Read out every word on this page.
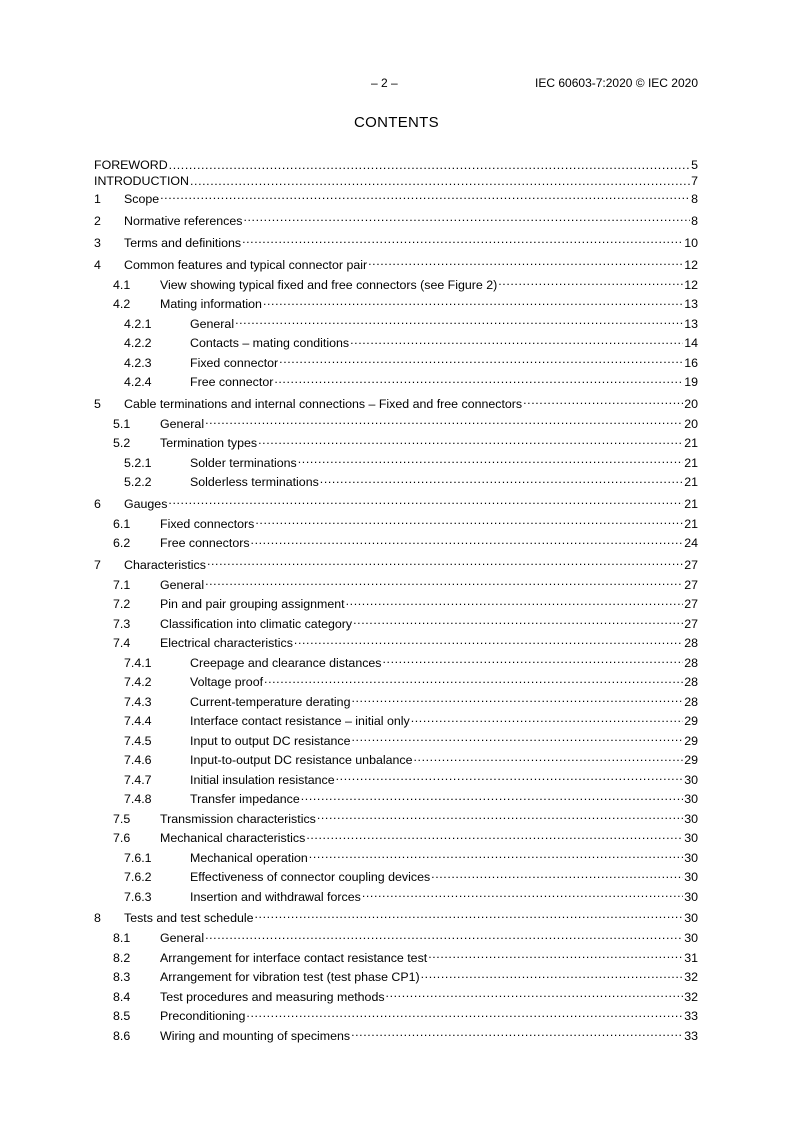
– 2 –	IEC 60603-7:2020 © IEC 2020
CONTENTS
FOREWORD .....	5
INTRODUCTION .....	7
1	Scope .....	8
2	Normative references .....	8
3	Terms and definitions .....	10
4	Common features and typical connector pair .....	12
4.1	View showing typical fixed and free connectors (see Figure 2) .....	12
4.2	Mating information .....	13
4.2.1	General .....	13
4.2.2	Contacts – mating conditions .....	14
4.2.3	Fixed connector .....	16
4.2.4	Free connector .....	19
5	Cable terminations and internal connections – Fixed and free connectors .....	20
5.1	General .....	20
5.2	Termination types .....	21
5.2.1	Solder terminations .....	21
5.2.2	Solderless terminations .....	21
6	Gauges .....	21
6.1	Fixed connectors .....	21
6.2	Free connectors .....	24
7	Characteristics .....	27
7.1	General .....	27
7.2	Pin and pair grouping assignment .....	27
7.3	Classification into climatic category .....	27
7.4	Electrical characteristics .....	28
7.4.1	Creepage and clearance distances .....	28
7.4.2	Voltage proof .....	28
7.4.3	Current-temperature derating .....	28
7.4.4	Interface contact resistance – initial only .....	29
7.4.5	Input to output DC resistance .....	29
7.4.6	Input-to-output DC resistance unbalance .....	29
7.4.7	Initial insulation resistance .....	30
7.4.8	Transfer impedance .....	30
7.5	Transmission characteristics .....	30
7.6	Mechanical characteristics .....	30
7.6.1	Mechanical operation .....	30
7.6.2	Effectiveness of connector coupling devices .....	30
7.6.3	Insertion and withdrawal forces .....	30
8	Tests and test schedule .....	30
8.1	General .....	30
8.2	Arrangement for interface contact resistance test .....	31
8.3	Arrangement for vibration test (test phase CP1) .....	32
8.4	Test procedures and measuring methods .....	32
8.5	Preconditioning .....	33
8.6	Wiring and mounting of specimens .....	33
